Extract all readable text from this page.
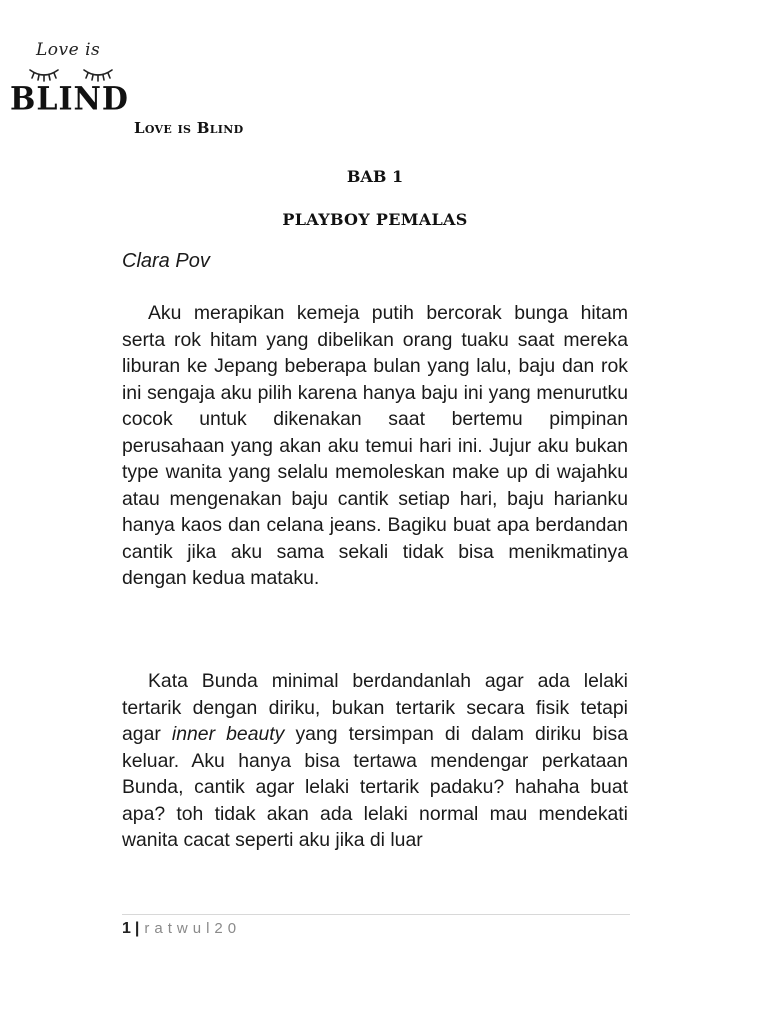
Love is
BLIND
Love is Blind
BAB 1
PLAYBOY PEMALAS
Clara Pov

Aku merapikan kemeja putih bercorak bunga hitam serta rok hitam yang dibelikan orang tuaku saat mereka liburan ke Jepang beberapa bulan yang lalu, baju dan rok ini sengaja aku pilih karena hanya baju ini yang menurutku cocok untuk dikenakan saat bertemu pimpinan perusahaan yang akan aku temui hari ini. Jujur aku bukan type wanita yang selalu memoleskan make up di wajahku atau mengenakan baju cantik setiap hari, baju harianku hanya kaos dan celana jeans. Bagiku buat apa berdandan cantik jika aku sama sekali tidak bisa menikmatinya dengan kedua mataku.

Kata Bunda minimal berdandanlah agar ada lelaki tertarik dengan diriku, bukan tertarik secara fisik tetapi agar inner beauty yang tersimpan di dalam diriku bisa keluar. Aku hanya bisa tertawa mendengar perkataan Bunda, cantik agar lelaki tertarik padaku? hahaha buat apa? toh tidak akan ada lelaki normal mau mendekati wanita cacat seperti aku jika di luar

1 | ratwul20
